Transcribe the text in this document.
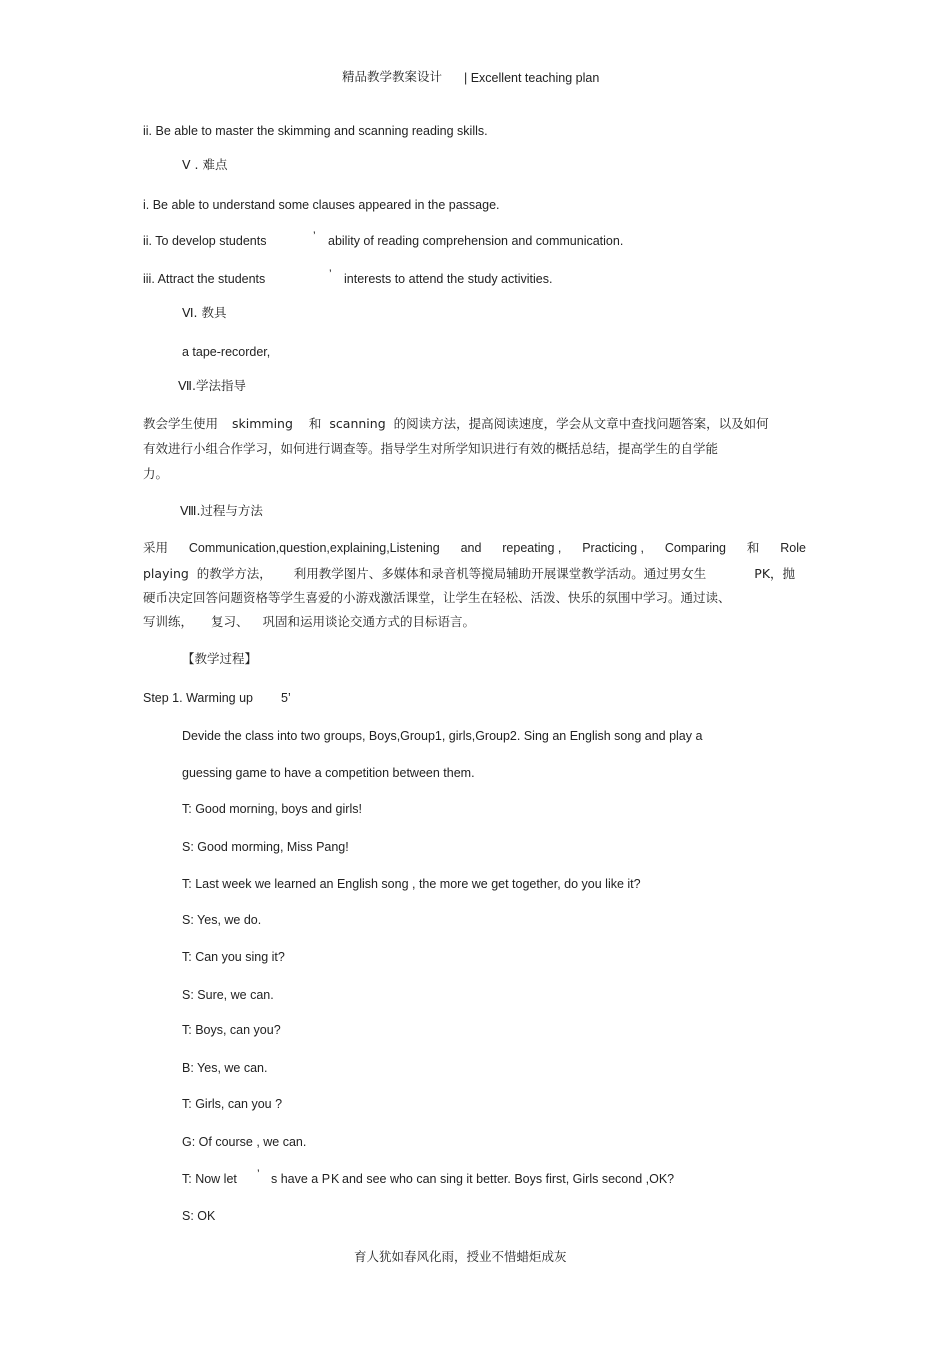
精品教学教案设计 | Excellent teaching plan
ii. Be able to master the skimming and scanning reading skills.
Ⅴ . 难点
i. Be able to understand some clauses appeared in the passage.
ii. To develop students	’ ability of reading comprehension and communication.
iii. Attract the students	’ interests to attend the study activities.
Ⅵ. 教具
a tape-recorder,
Ⅶ.学法指导
教会学生使用 skimming 和 scanning 的阅读方法，提高阅读速度，学会从文章中查找问题答案，以及如何
有效进行小组合作学习，如何进行调查等。指导学生对所学知识进行有效的概括总结，提高学生的自学能
力。
Ⅷ.过程与方法
采用 Communication,question,explaining,Listening and repeating , Practicing , Comparing 和 Role
playing 的教学方法， 利用教学图片、多媒体和录音机等搅局辅助开展课堂教学活动。通过男女生	PK，抛
硬币决定回答问题资格等学生喜爱的小游戏激活课堂，让学生在轻松、活泼、快乐的氛围中学习。通过读、
写训练， 复习、 巩固和运用谈论交通方式的目标语言。
【教学过程】
Step 1. Warming up 5’
Devide the class into two groups, Boys,Group1, girls,Group2. Sing an English song and play a
guessing game to have a competition between them.
T: Good morning, boys and girls!
S: Good morming, Miss Pang!
T: Last week we learned an English song , the more we get together, do you like it?
S: Yes, we do.
T: Can you sing it?
S: Sure, we can.
T: Boys, can you?
B: Yes, we can.
T: Girls, can you ?
G: Of course , we can.
T: Now let ’ s have a P K and see who can sing it better. Boys first, Girls second ,OK?
S: OK
育人犹如春风化雨，授业不惜蜡炬成灰
